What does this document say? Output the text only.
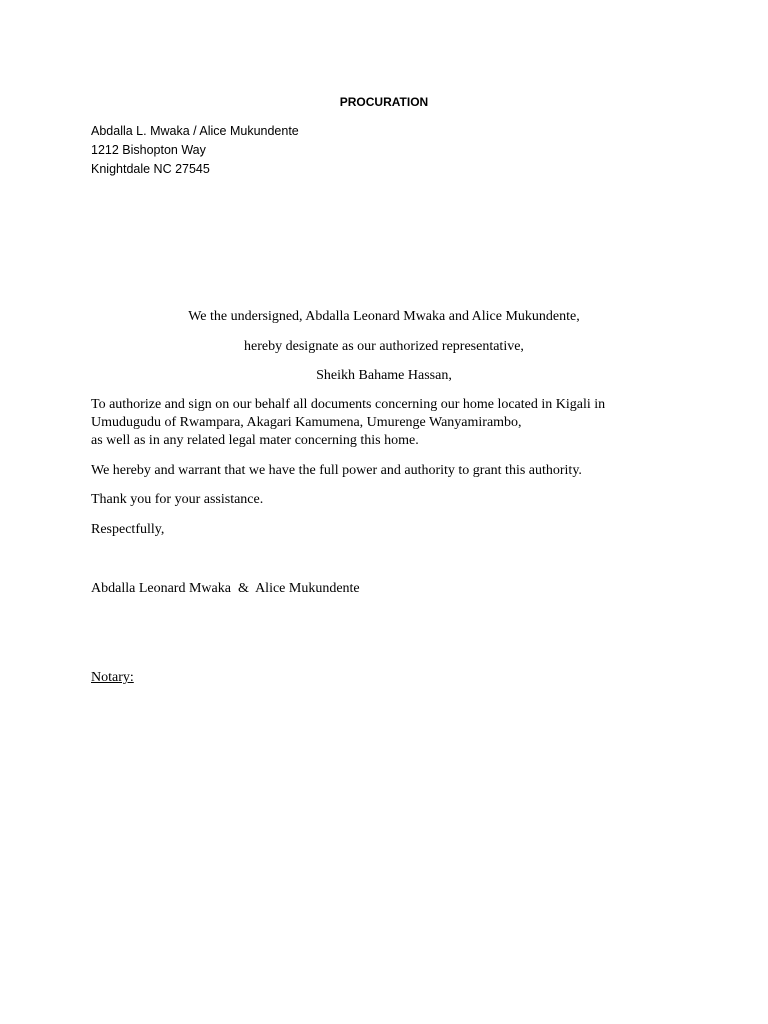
PROCURATION
Abdalla L. Mwaka / Alice Mukundente
1212 Bishopton Way
Knightdale NC 27545
We the undersigned, Abdalla Leonard Mwaka and Alice Mukundente,
hereby designate as our authorized representative,
Sheikh Bahame Hassan,
To authorize and sign on our behalf all documents concerning our home located in Kigali in
Umudugudu of Rwampara, Akagari Kamumena, Umurenge Wanyamirambo,
as well as in any related legal mater concerning this home.
We hereby and warrant that we have the full power and authority to grant this authority.
Thank you for your assistance.
Respectfully,
Abdalla Leonard Mwaka  &  Alice Mukundente
Notary:
